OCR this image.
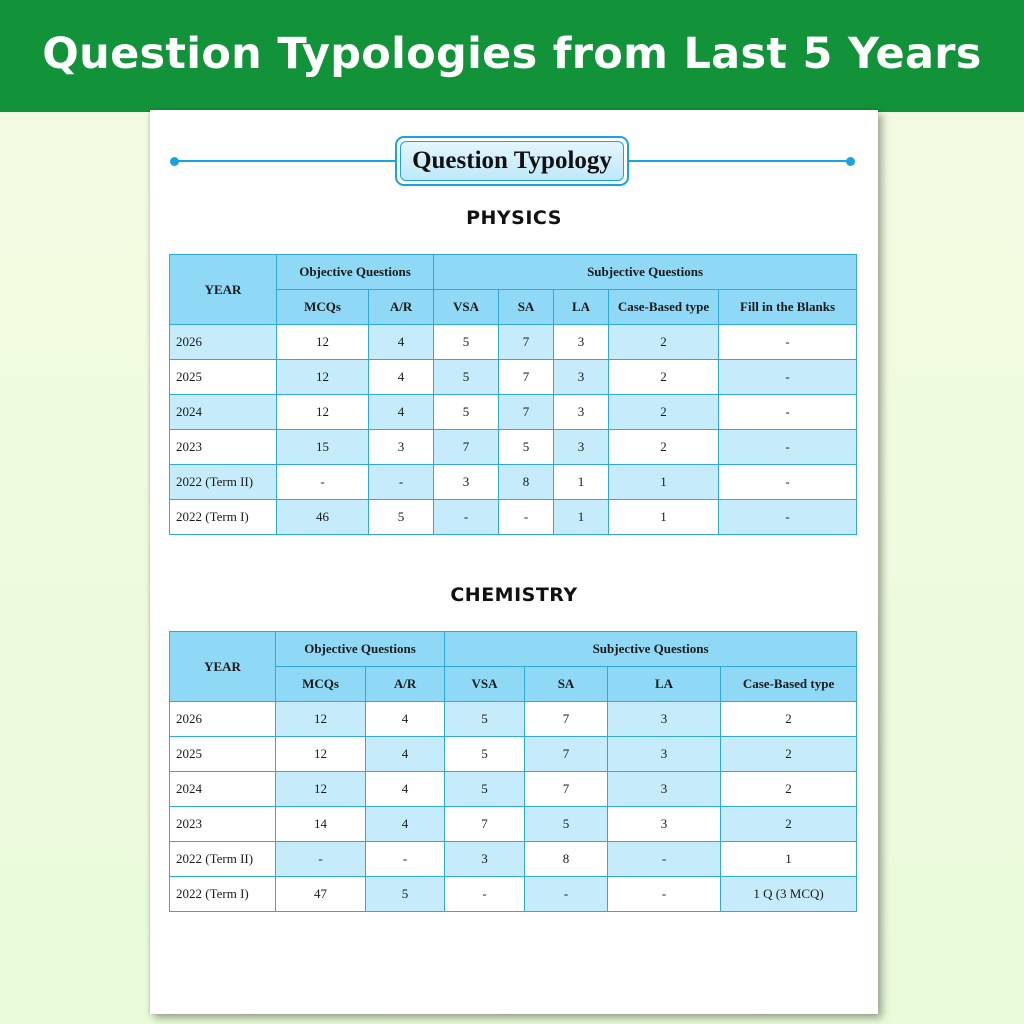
Question Typologies from Last 5 Years
Question Typology
PHYSICS
YEAR	Objective Questions		Subjective Questions				
	MCQs	A/R	VSA	SA	LA	Case-Based type	Fill in the Blanks
2026	12	4	5	7	3	2	-
2025	12	4	5	7	3	2	-
2024	12	4	5	7	3	2	-
2023	15	3	7	5	3	2	-
2022 (Term II)	-	-	3	8	1	1	-
2022 (Term I)	46	5	-	-	1	1	-
CHEMISTRY
YEAR	Objective Questions		Subjective Questions			
	MCQs	A/R	VSA	SA	LA	Case-Based type
2026	12	4	5	7	3	2
2025	12	4	5	7	3	2
2024	12	4	5	7	3	2
2023	14	4	7	5	3	2
2022 (Term II)	-	-	3	8	-	1
2022 (Term I)	47	5	-	-	-	1 Q (3 MCQ)
